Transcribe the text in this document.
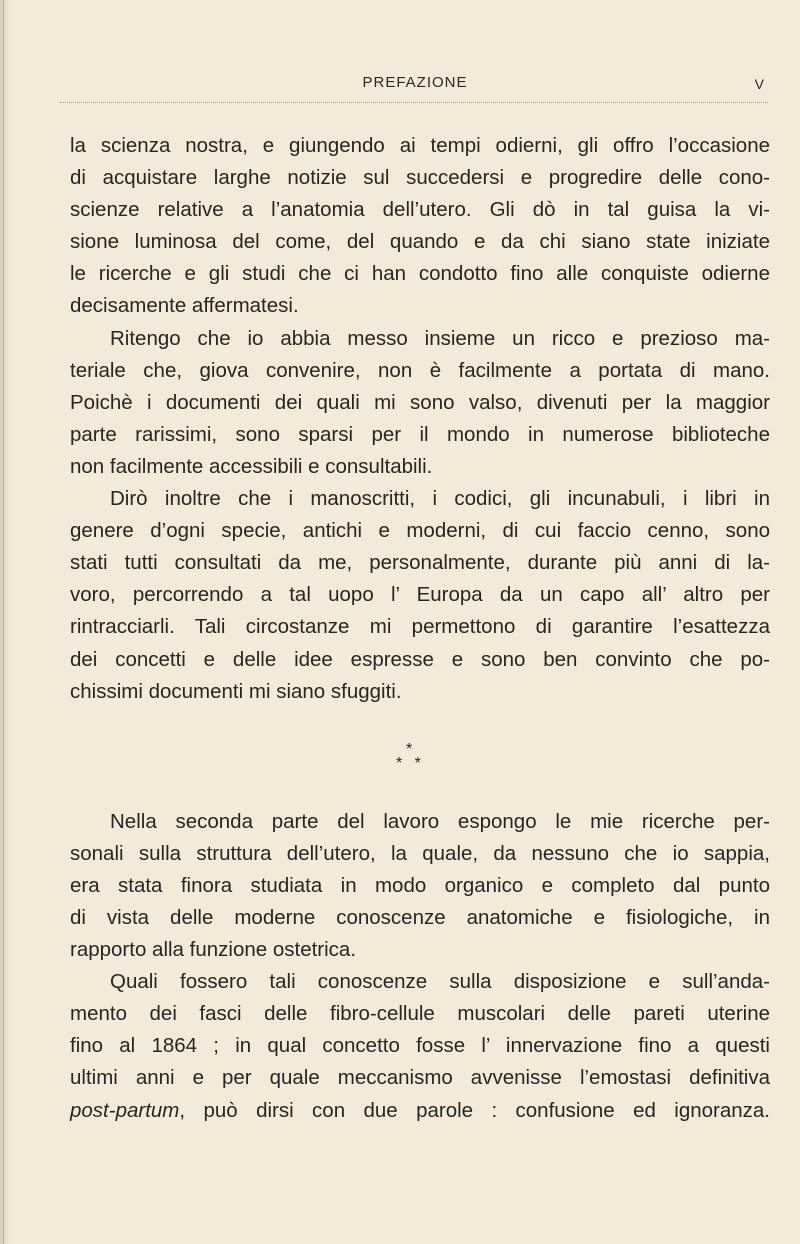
PREFAZIONE	V
la scienza nostra, e giungendo ai tempi odierni, gli offro l’occasione
di acquistare larghe notizie sul succedersi e progredire delle cono-
scienze relative a l’anatomia dell’utero. Gli dò in tal guisa la vi-
sione luminosa del come, del quando e da chi siano state iniziate
le ricerche e gli studi che ci han condotto fino alle conquiste odierne
decisamente affermatesi.
Ritengo che io abbia messo insieme un ricco e prezioso ma-
teriale che, giova convenire, non è facilmente a portata di mano.
Poichè i documenti dei quali mi sono valso, divenuti per la maggior
parte rarissimi, sono sparsi per il mondo in numerose biblioteche
non facilmente accessibili e consultabili.
Dirò inoltre che i manoscritti, i codici, gli incunabuli, i libri in
genere d’ogni specie, antichi e moderni, di cui faccio cenno, sono
stati tutti consultati da me, personalmente, durante più anni di la-
voro, percorrendo a tal uopo l’ Europa da un capo all’ altro per
rintracciarli. Tali circostanze mi permettono di garantire l’esattezza
dei concetti e delle idee espresse e sono ben convinto che po-
chissimi documenti mi siano sfuggiti.
*
* *
Nella seconda parte del lavoro espongo le mie ricerche per-
sonali sulla struttura dell’utero, la quale, da nessuno che io sappia,
era stata finora studiata in modo organico e completo dal punto
di vista delle moderne conoscenze anatomiche e fisiologiche, in
rapporto alla funzione ostetrica.
Quali fossero tali conoscenze sulla disposizione e sull’anda-
mento dei fasci delle fibro-cellule muscolari delle pareti uterine
fino al 1864 ; in qual concetto fosse l’ innervazione fino a questi
ultimi anni e per quale meccanismo avvenisse l’emostasi definitiva
post-partum, può dirsi con due parole : confusione ed ignoranza.
